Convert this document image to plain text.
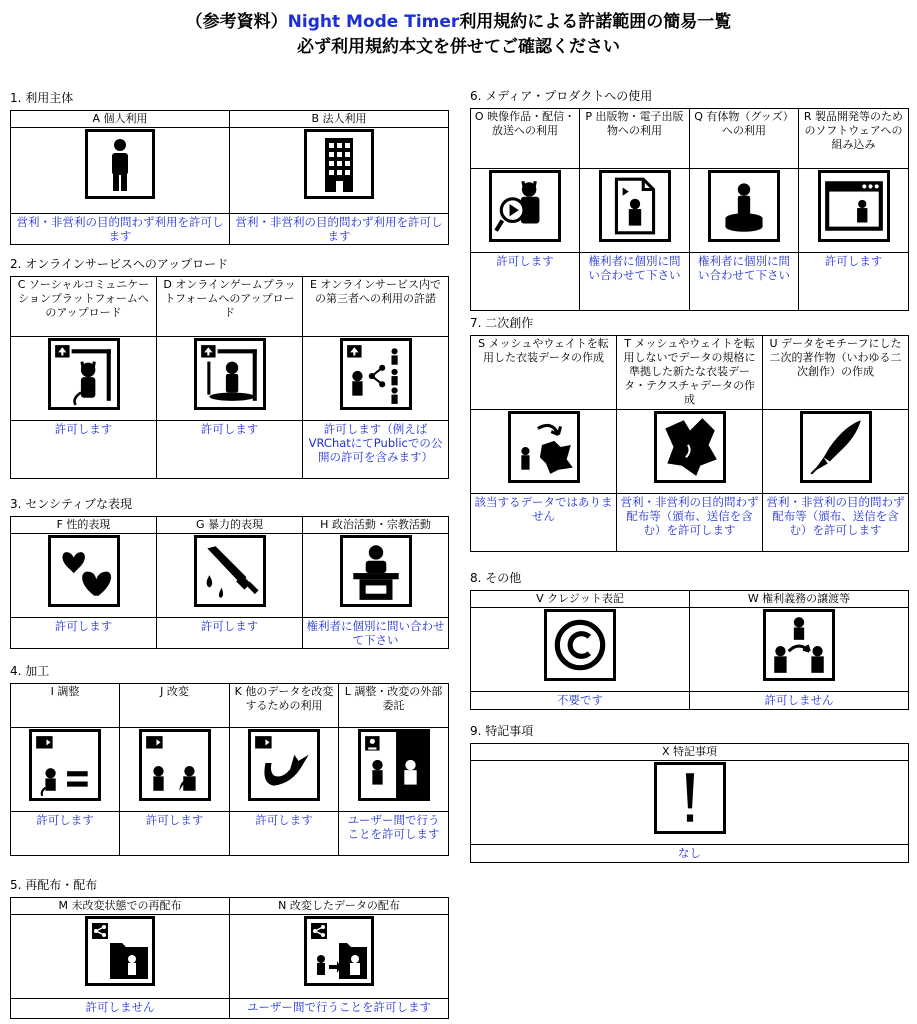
（参考資料）Night Mode Timer利用規約による許諾範囲の簡易一覧
必ず利用規約本文を併せてご確認ください
1. 利用主体
A 個人利用	B 法人利用

営利・非営利の目的問わず利用を許可します	営利・非営利の目的問わず利用を許可します
2. オンラインサービスへのアップロード
C ソーシャルコミュニケーションプラットフォームへのアップロード	D オンラインゲームプラットフォームへのアップロード	E オンラインサービス内での第三者への利用の許諾

許可します	許可します	許可します（例えばVRChatにてPublicでの公開の許可を含みます）
3. センシティブな表現
F 性的表現	G 暴力的表現	H 政治活動・宗教活動

許可します	許可します	権利者に個別に問い合わせて下さい
4. 加工
I 調整	J 改変	K 他のデータを改変するための利用	L 調整・改変の外部委託

許可します	許可します	許可します	ユーザー間で行うことを許可します
5. 再配布・配布
M 未改変状態での再配布	N 改変したデータの配布

許可しません	ユーザー間で行うことを許可します
6. メディア・プロダクトへの使用
O 映像作品・配信・放送への利用	P 出版物・電子出版物への利用	Q 有体物（グッズ）への利用	R 製品開発等のためのソフトウェアへの組み込み

許可します	権利者に個別に問い合わせて下さい	権利者に個別に問い合わせて下さい	許可します
7. 二次創作
S メッシュやウェイトを転用した衣装データの作成	T メッシュやウェイトを転用しないでデータの規格に準拠した新たな衣装データ・テクスチャデータの作成	U データをモチーフにした二次的著作物（いわゆる二次創作）の作成

該当するデータではありません	営利・非営利の目的問わず配布等（頒布、送信を含む）を許可します	営利・非営利の目的問わず配布等（頒布、送信を含む）を許可します
8. その他
V クレジット表記	W 権利義務の譲渡等

不要です	許可しません
9. 特記事項
X 特記事項

なし
